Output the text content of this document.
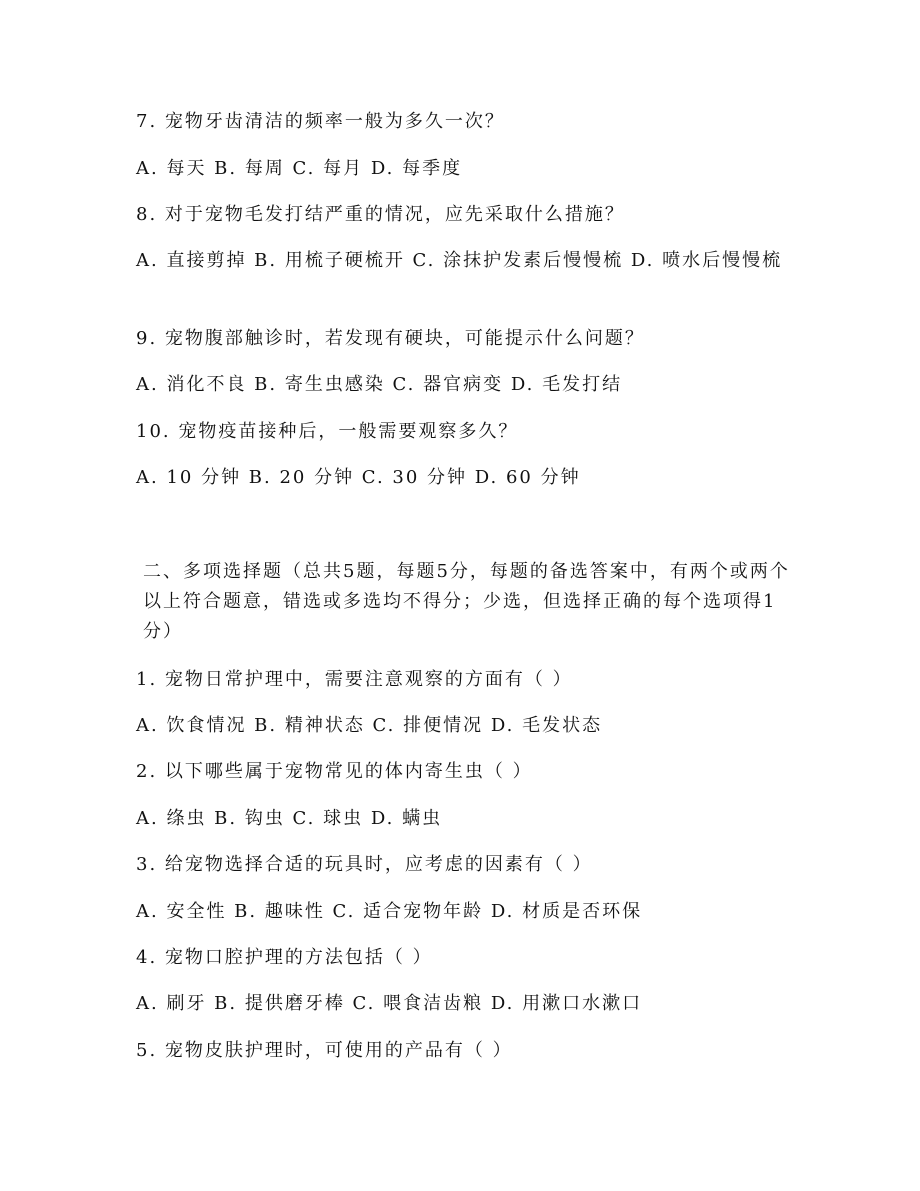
7. 宠物牙齿清洁的频率一般为多久一次？
A. 每天 B. 每周 C. 每月 D. 每季度
8. 对于宠物毛发打结严重的情况，应先采取什么措施？
A. 直接剪掉 B. 用梳子硬梳开 C. 涂抹护发素后慢慢梳 D. 喷水后慢慢梳
9. 宠物腹部触诊时，若发现有硬块，可能提示什么问题？
A. 消化不良 B. 寄生虫感染 C. 器官病变 D. 毛发打结
10. 宠物疫苗接种后，一般需要观察多久？
A. 10 分钟 B. 20 分钟 C. 30 分钟 D. 60 分钟
二、多项选择题（总共5题，每题5分，每题的备选答案中，有两个或两个以上符合题意，错选或多选均不得分；少选，但选择正确的每个选项得1分）
1. 宠物日常护理中，需要注意观察的方面有（ ）
A. 饮食情况 B. 精神状态 C. 排便情况 D. 毛发状态
2. 以下哪些属于宠物常见的体内寄生虫（ ）
A. 绦虫 B. 钩虫 C. 球虫 D. 螨虫
3. 给宠物选择合适的玩具时，应考虑的因素有（ ）
A. 安全性 B. 趣味性 C. 适合宠物年龄 D. 材质是否环保
4. 宠物口腔护理的方法包括（ ）
A. 刷牙 B. 提供磨牙棒 C. 喂食洁齿粮 D. 用漱口水漱口
5. 宠物皮肤护理时，可使用的产品有（ ）
